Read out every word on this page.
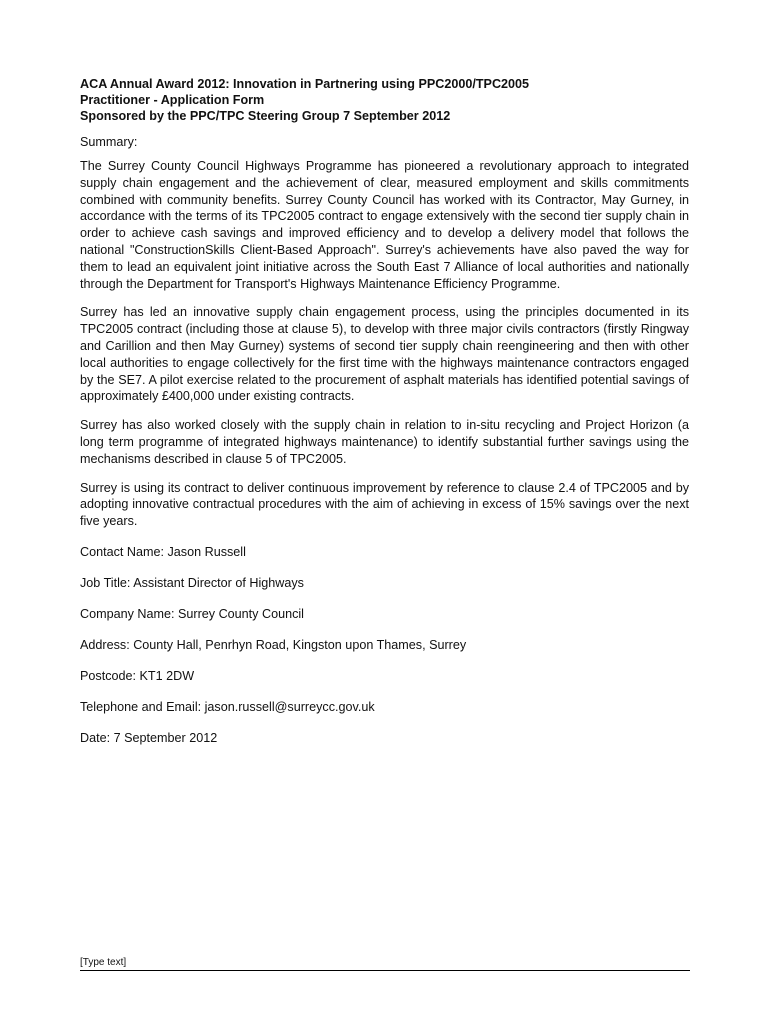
ACA Annual Award 2012: Innovation in Partnering using PPC2000/TPC2005

Practitioner - Application Form

Sponsored by the PPC/TPC Steering Group 7 September 2012

Summary:

The Surrey County Council Highways Programme has pioneered a revolutionary approach to integrated supply chain engagement and the achievement of clear, measured employment and skills commitments combined with community benefits. Surrey County Council has worked with its Contractor, May Gurney, in accordance with the terms of its TPC2005 contract to engage extensively with the second tier supply chain in order to achieve cash savings and improved efficiency and to develop a delivery model that follows the national "ConstructionSkills Client-Based Approach". Surrey's achievements have also paved the way for them to lead an equivalent joint initiative across the South East 7 Alliance of local authorities and nationally through the Department for Transport's Highways Maintenance Efficiency Programme.

Surrey has led an innovative supply chain engagement process, using the principles documented in its TPC2005 contract (including those at clause 5), to develop with three major civils contractors (firstly Ringway and Carillion and then May Gurney) systems of second tier supply chain reengineering and then with other local authorities to engage collectively for the first time with the highways maintenance contractors engaged by the SE7. A pilot exercise related to the procurement of asphalt materials has identified potential savings of approximately £400,000 under existing contracts.

Surrey has also worked closely with the supply chain in relation to in-situ recycling and Project Horizon (a long term programme of integrated highways maintenance) to identify substantial further savings using the mechanisms described in clause 5 of TPC2005.

Surrey is using its contract to deliver continuous improvement by reference to clause 2.4 of TPC2005 and by adopting innovative contractual procedures with the aim of achieving in excess of 15% savings over the next five years.

Contact Name: Jason Russell

Job Title: Assistant Director of Highways

Company Name: Surrey County Council

Address: County Hall, Penrhyn Road, Kingston upon Thames, Surrey

Postcode: KT1 2DW

Telephone and Email: jason.russell@surreycc.gov.uk

Date: 7 September 2012

[Type text]
